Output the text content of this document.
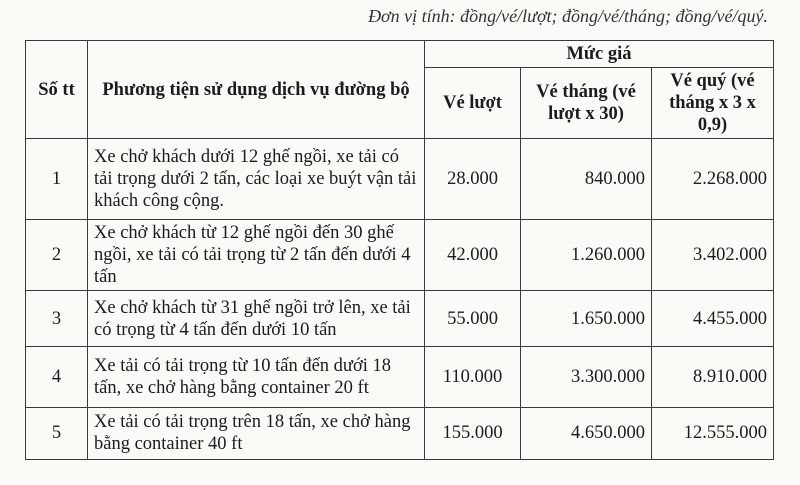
Đơn vị tính: đồng/vé/lượt; đồng/vé/tháng; đồng/vé/quý.
Số tt	Phương tiện sử dụng dịch vụ đường bộ	Mức giá		
		Vé lượt	Vé tháng (vé lượt x 30)	Vé quý (vé tháng x 3 x 0,9)
1	Xe chở khách dưới 12 ghế ngồi, xe tải có tải trọng dưới 2 tấn, các loại xe buýt vận tải khách công cộng.	28.000	840.000	2.268.000
2	Xe chở khách từ 12 ghế ngồi đến 30 ghế ngồi, xe tải có tải trọng từ 2 tấn đến dưới 4 tấn	42.000	1.260.000	3.402.000
3	Xe chở khách từ 31 ghế ngồi trở lên, xe tải có trọng từ 4 tấn đến dưới 10 tấn	55.000	1.650.000	4.455.000
4	Xe tải có tải trọng từ 10 tấn đến dưới 18 tấn, xe chở hàng bằng container 20 ft	110.000	3.300.000	8.910.000
5	Xe tải có tải trọng trên 18 tấn, xe chở hàng bằng container 40 ft	155.000	4.650.000	12.555.000
